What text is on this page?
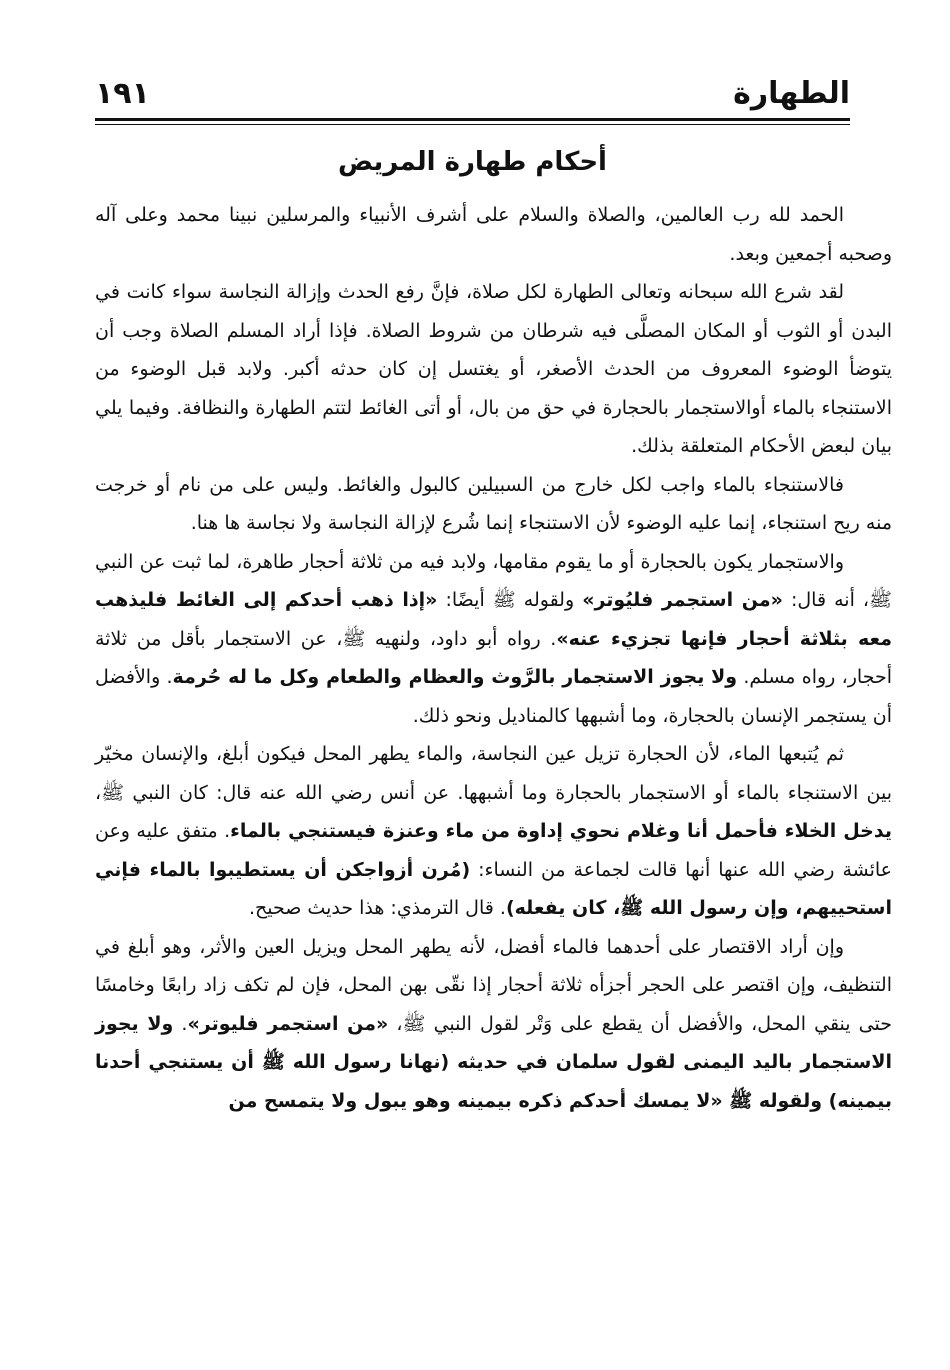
الطهارة
١٩١
أحكام طهارة المريض

الحمد لله رب العالمين، والصلاة والسلام على أشرف الأنبياء والمرسلين نبينا محمد وعلى آله وصحبه أجمعين وبعد.

لقد شرع الله سبحانه وتعالى الطهارة لكل صلاة، فإنَّ رفع الحدث وإزالة النجاسة سواء كانت في البدن أو الثوب أو المكان المصلَّى فيه شرطان من شروط الصلاة. فإذا أراد المسلم الصلاة وجب أن يتوضأ الوضوء المعروف من الحدث الأصغر، أو يغتسل إن كان حدثه أكبر. ولابد قبل الوضوء من الاستنجاء بالماء أوالاستجمار بالحجارة في حق من بال، أو أتى الغائط لتتم الطهارة والنظافة. وفيما يلي بيان لبعض الأحكام المتعلقة بذلك.

فالاستنجاء بالماء واجب لكل خارج من السبيلين كالبول والغائط. وليس على من نام أو خرجت منه ريح استنجاء، إنما عليه الوضوء لأن الاستنجاء إنما شُرع لإزالة النجاسة ولا نجاسة ها هنا.

والاستجمار يكون بالحجارة أو ما يقوم مقامها، ولابد فيه من ثلاثة أحجار طاهرة، لما ثبت عن النبي ﷺ، أنه قال: «من استجمر فليُوتر» ولقوله ﷺ أيضًا: «إذا ذهب أحدكم إلى الغائط فليذهب معه بثلاثة أحجار فإنها تجزيء عنه». رواه أبو داود، ولنهيه ﷺ، عن الاستجمار بأقل من ثلاثة أحجار، رواه مسلم. ولا يجوز الاستجمار بالرَّوث والعظام والطعام وكل ما له حُرمة. والأفضل أن يستجمر الإنسان بالحجارة، وما أشبهها كالمناديل ونحو ذلك.

ثم يُتبعها الماء، لأن الحجارة تزيل عين النجاسة، والماء يطهر المحل فيكون أبلغ، والإنسان مخيّر بين الاستنجاء بالماء أو الاستجمار بالحجارة وما أشبهها. عن أنس رضي الله عنه قال: كان النبي ﷺ، يدخل الخلاء فأحمل أنا وغلام نحوي إداوة من ماء وعنزة فيستنجي بالماء. متفق عليه وعن عائشة رضي الله عنها أنها قالت لجماعة من النساء: (مُرن أزواجكن أن يستطيبوا بالماء فإني استحييهم، وإن رسول الله ﷺ، كان يفعله). قال الترمذي: هذا حديث صحيح.

وإن أراد الاقتصار على أحدهما فالماء أفضل، لأنه يطهر المحل ويزيل العين والأثر، وهو أبلغ في التنظيف، وإن اقتصر على الحجر أجزأه ثلاثة أحجار إذا نقّى بهن المحل، فإن لم تكف زاد رابعًا وخامسًا حتى ينقي المحل، والأفضل أن يقطع على وَتْر لقول النبي ﷺ، «من استجمر فليوتر». ولا يجوز الاستجمار باليد اليمنى لقول سلمان في حديثه (نهانا رسول الله ﷺ أن يستنجي أحدنا بيمينه) ولقوله ﷺ «لا يمسك أحدكم ذكره بيمينه وهو يبول ولا يتمسح من
